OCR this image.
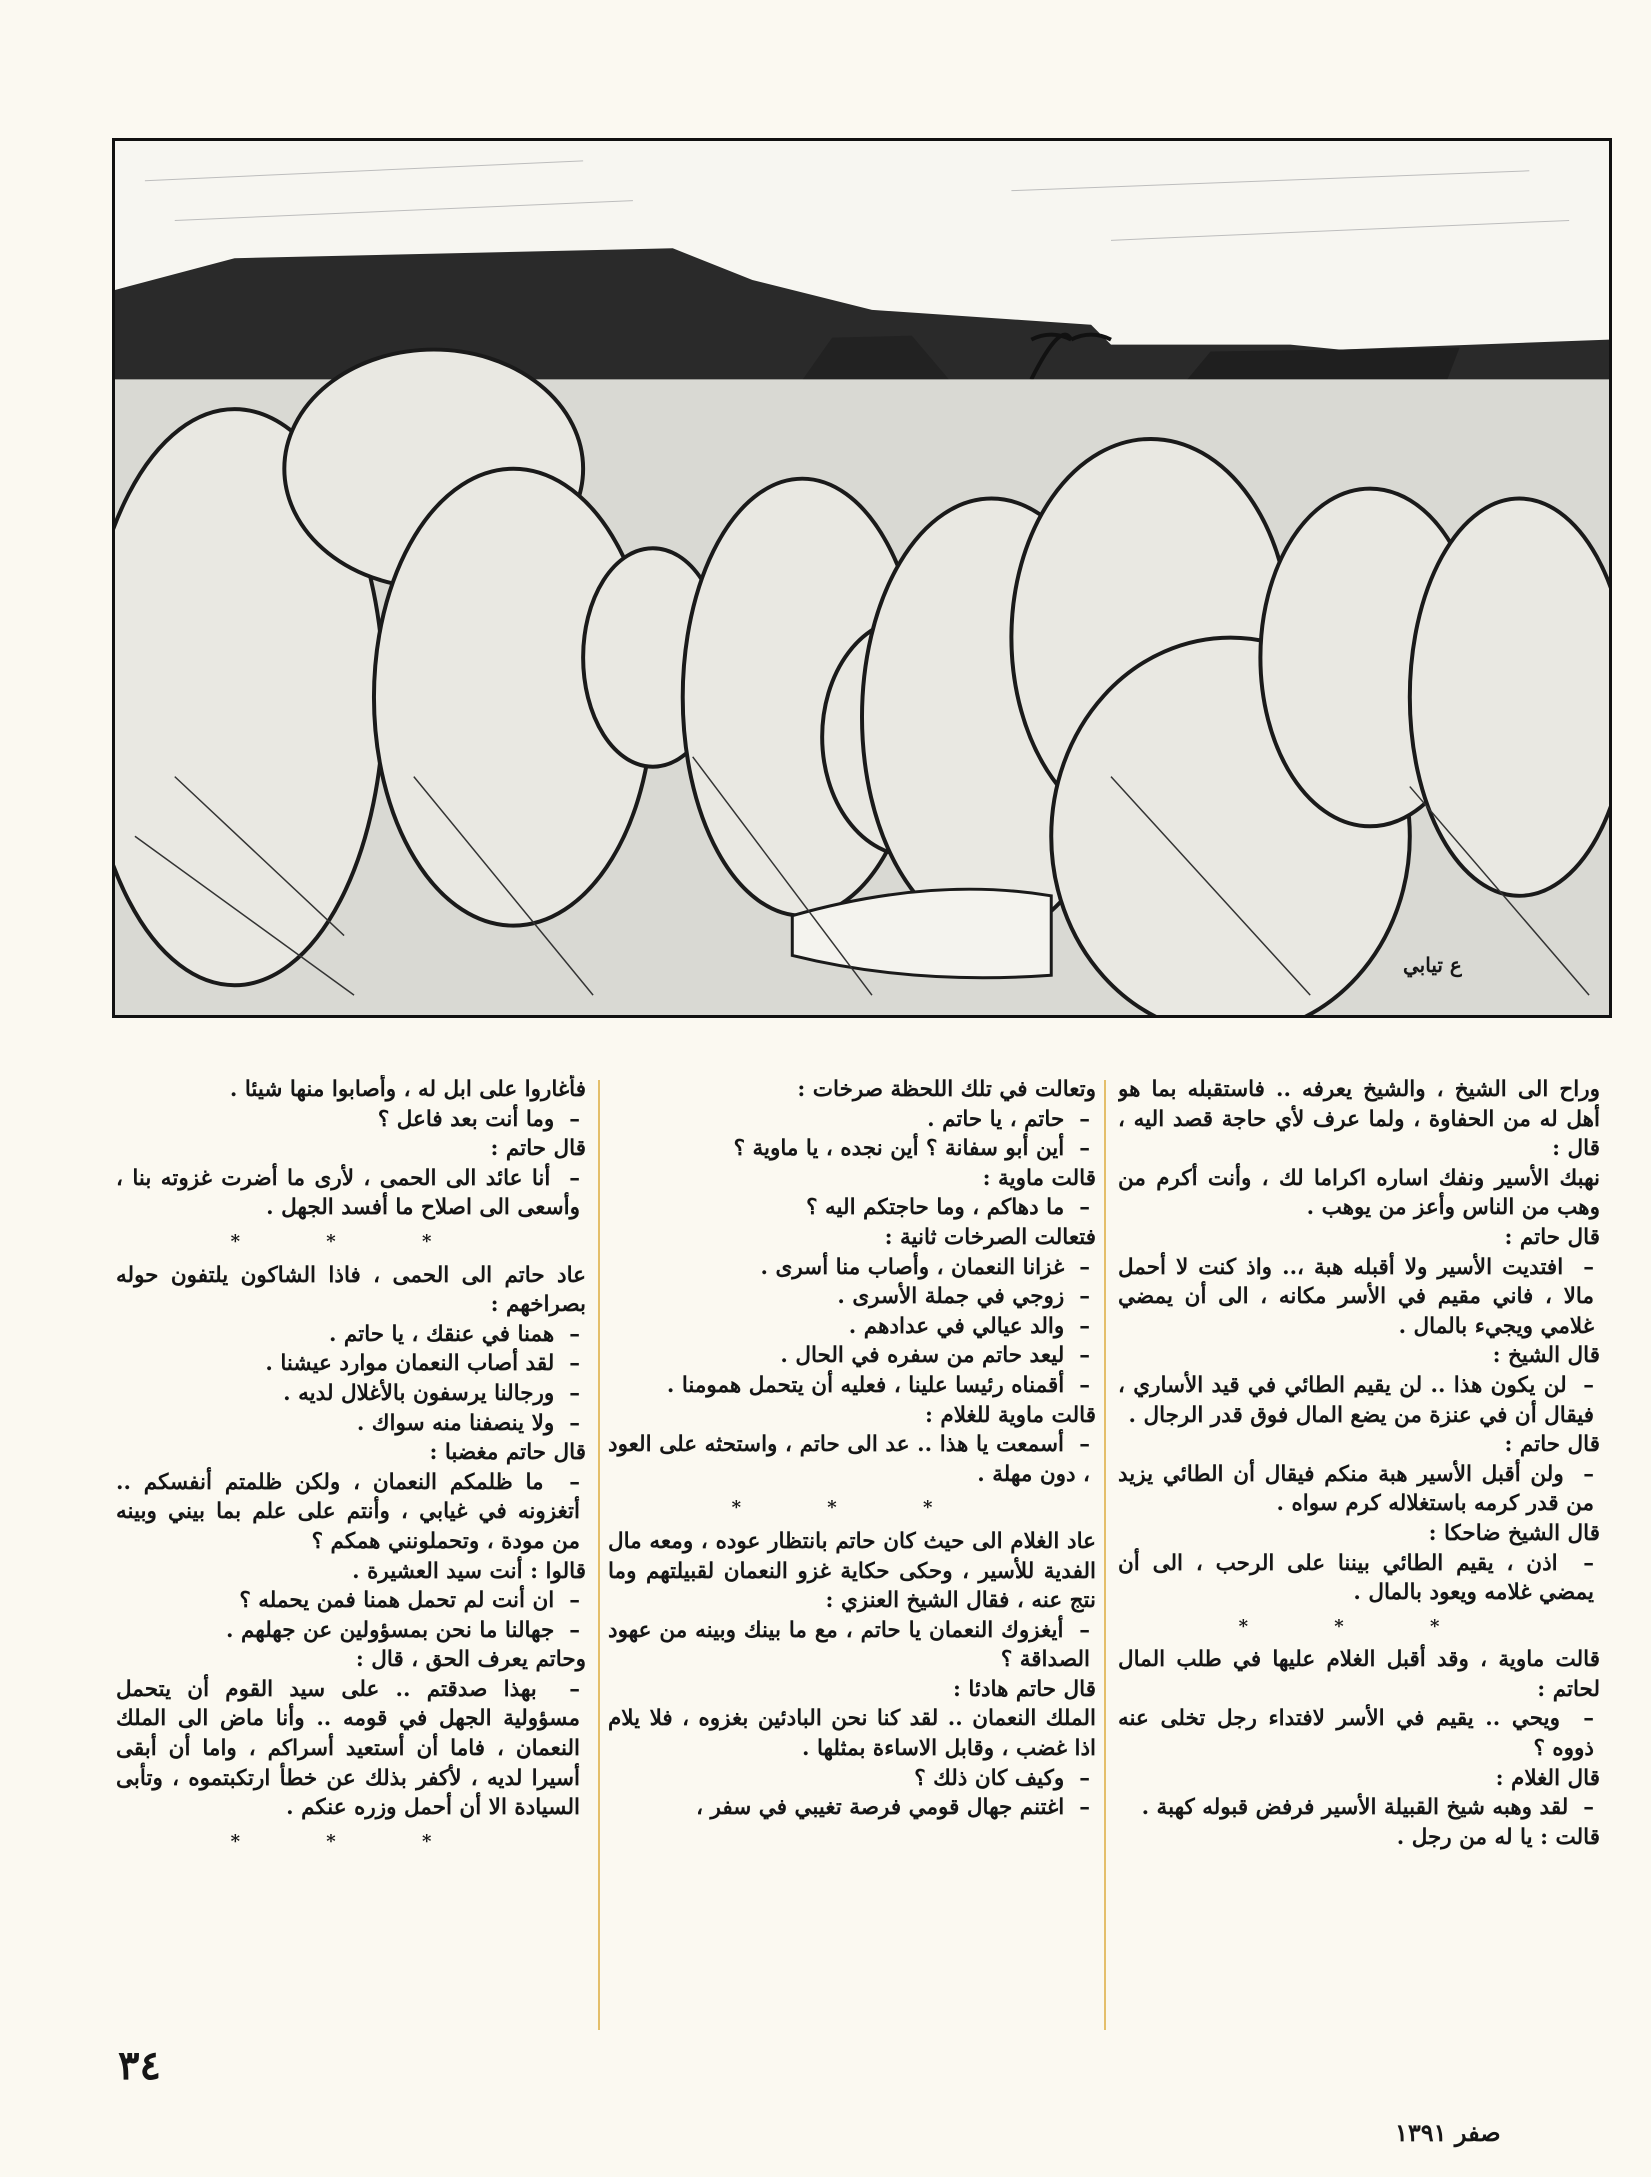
ع تيابي

وراح الى الشيخ ، والشيخ يعرفه .. فاستقبله بما هو أهل له من الحفاوة ، ولما عرف لأي حاجة قصد اليه ، قال :

نهبك الأسير ونفك اساره اكراما لك ، وأنت أكرم من وهب من الناس وأعز من يوهب .

قال حاتم :

–  افتديت الأسير ولا أقبله هبة ،.. واذ كنت لا أحمل مالا ، فاني مقيم في الأسر مكانه ، الى أن يمضي غلامي ويجيء بالمال .

قال الشيخ :

–  لن يكون هذا .. لن يقيم الطائي في قيد الأساري ، فيقال أن في عنزة من يضع المال فوق قدر الرجال .

قال حاتم :

–  ولن أقبل الأسير هبة منكم فيقال أن الطائي يزيد من قدر كرمه باستغلاله كرم سواه .

قال الشيخ ضاحكا :

–  اذن ، يقيم الطائي بيننا على الرحب ، الى أن يمضي غلامه ويعود بالمال .

* * *

قالت ماوية ، وقد أقبل الغلام عليها في طلب المال لحاتم :

–  ويحي .. يقيم في الأسر لافتداء رجل تخلى عنه ذووه ؟

قال الغلام :

–  لقد وهبه شيخ القبيلة الأسير فرفض قبوله كهبة .

قالت : يا له من رجل .

وتعالت في تلك اللحظة صرخات :

–  حاتم ، يا حاتم .

–  أين أبو سفانة ؟ أين نجده ، يا ماوية ؟

قالت ماوية :

–  ما دهاكم ، وما حاجتكم اليه ؟

فتعالت الصرخات ثانية :

–  غزانا النعمان ، وأصاب منا أسرى .

–  زوجي في جملة الأسرى .

–  والد عيالي في عدادهم .

–  ليعد حاتم من سفره في الحال .

–  أقمناه رئيسا علينا ، فعليه أن يتحمل همومنا .

قالت ماوية للغلام :

–  أسمعت يا هذا .. عد الى حاتم ، واستحثه على العود ، دون مهلة .

* * *

عاد الغلام الى حيث كان حاتم بانتظار عوده ، ومعه مال الفدية للأسير ، وحكى حكاية غزو النعمان لقبيلتهم وما نتج عنه ، فقال الشيخ العنزي :

–  أيغزوك النعمان يا حاتم ، مع ما بينك وبينه من عهود الصداقة ؟

قال حاتم هادئا :

الملك النعمان .. لقد كنا نحن البادئين بغزوه ، فلا يلام اذا غضب ، وقابل الاساءة بمثلها .

–  وكيف كان ذلك ؟

–  اغتنم جهال قومي فرصة تغيبي في سفر ،

فأغاروا على ابل له ، وأصابوا منها شيئا .

–  وما أنت بعد فاعل ؟

قال حاتم :

–  أنا عائد الى الحمى ، لأرى ما أضرت غزوته بنا ، وأسعى الى اصلاح ما أفسد الجهل .

* * *

عاد حاتم الى الحمى ، فاذا الشاكون يلتفون حوله بصراخهم :

–  همنا في عنقك ، يا حاتم .

–  لقد أصاب النعمان موارد عيشنا .

–  ورجالنا يرسفون بالأغلال لديه .

–  ولا ينصفنا منه سواك .

قال حاتم مغضبا :

–  ما ظلمكم النعمان ، ولكن ظلمتم أنفسكم .. أتغزونه في غيابي ، وأنتم على علم بما بيني وبينه من مودة ، وتحملونني همكم ؟

قالوا : أنت سيد العشيرة .

–  ان أنت لم تحمل همنا فمن يحمله ؟

–  جهالنا ما نحن بمسؤولين عن جهلهم .

وحاتم يعرف الحق ، قال :

–  بهذا صدقتم .. على سيد القوم أن يتحمل مسؤولية الجهل في قومه .. وأنا ماض الى الملك النعمان ، فاما أن أستعيد أسراكم ، واما أن أبقى أسيرا لديه ، لأكفر بذلك عن خطأ ارتكبتموه ، وتأبى السيادة الا أن أحمل وزره عنكم .

* * *

٣٤
صفر ١٣٩١
